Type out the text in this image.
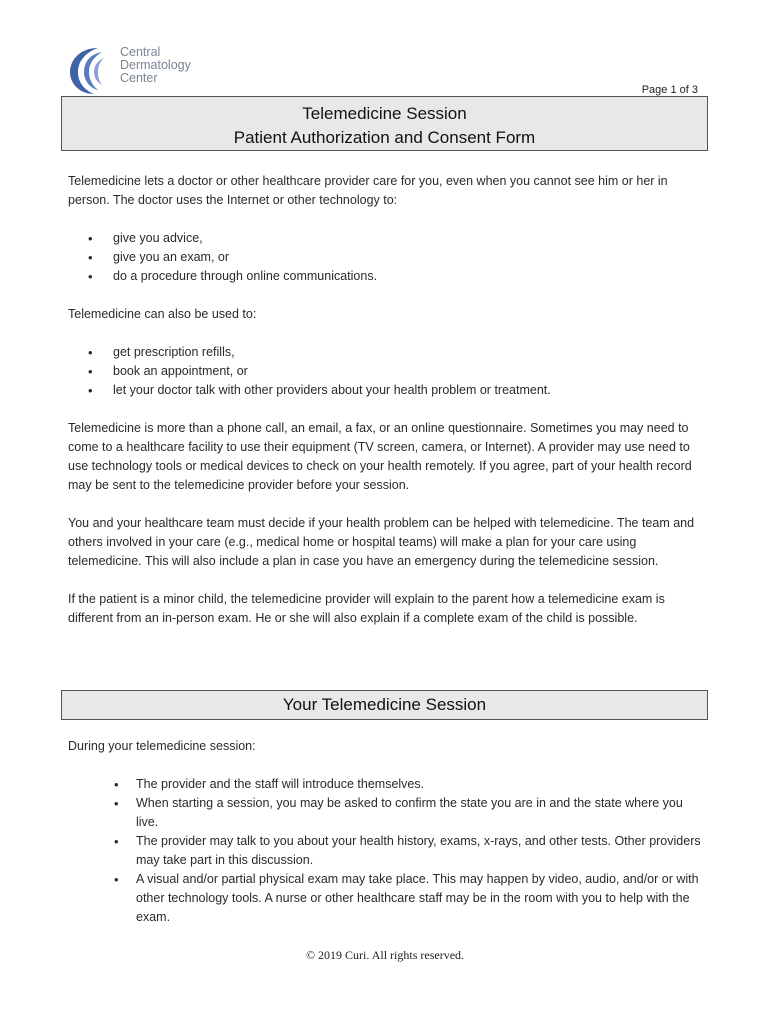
Central
Dermatology
Center
Page 1 of 3
Telemedicine Session
Patient Authorization and Consent Form

Telemedicine lets a doctor or other healthcare provider care for you, even when you cannot see him or her in person. The doctor uses the Internet or other technology to:

• give you advice,
• give you an exam, or
• do a procedure through online communications.

Telemedicine can also be used to:

• get prescription refills,
• book an appointment, or
• let your doctor talk with other providers about your health problem or treatment.

Telemedicine is more than a phone call, an email, a fax, or an online questionnaire. Sometimes you may need to come to a healthcare facility to use their equipment (TV screen, camera, or Internet). A provider may use need to use technology tools or medical devices to check on your health remotely. If you agree, part of your health record may be sent to the telemedicine provider before your session.

You and your healthcare team must decide if your health problem can be helped with telemedicine. The team and others involved in your care (e.g., medical home or hospital teams) will make a plan for your care using telemedicine. This will also include a plan in case you have an emergency during the telemedicine session.

If the patient is a minor child, the telemedicine provider will explain to the parent how a telemedicine exam is different from an in-person exam. He or she will also explain if a complete exam of the child is possible.

Your Telemedicine Session

During your telemedicine session:

• The provider and the staff will introduce themselves.
• When starting a session, you may be asked to confirm the state you are in and the state where you live.
• The provider may talk to you about your health history, exams, x-rays, and other tests. Other providers may take part in this discussion.
• A visual and/or partial physical exam may take place. This may happen by video, audio, and/or or with other technology tools. A nurse or other healthcare staff may be in the room with you to help with the exam.
© 2019 Curi. All rights reserved.
